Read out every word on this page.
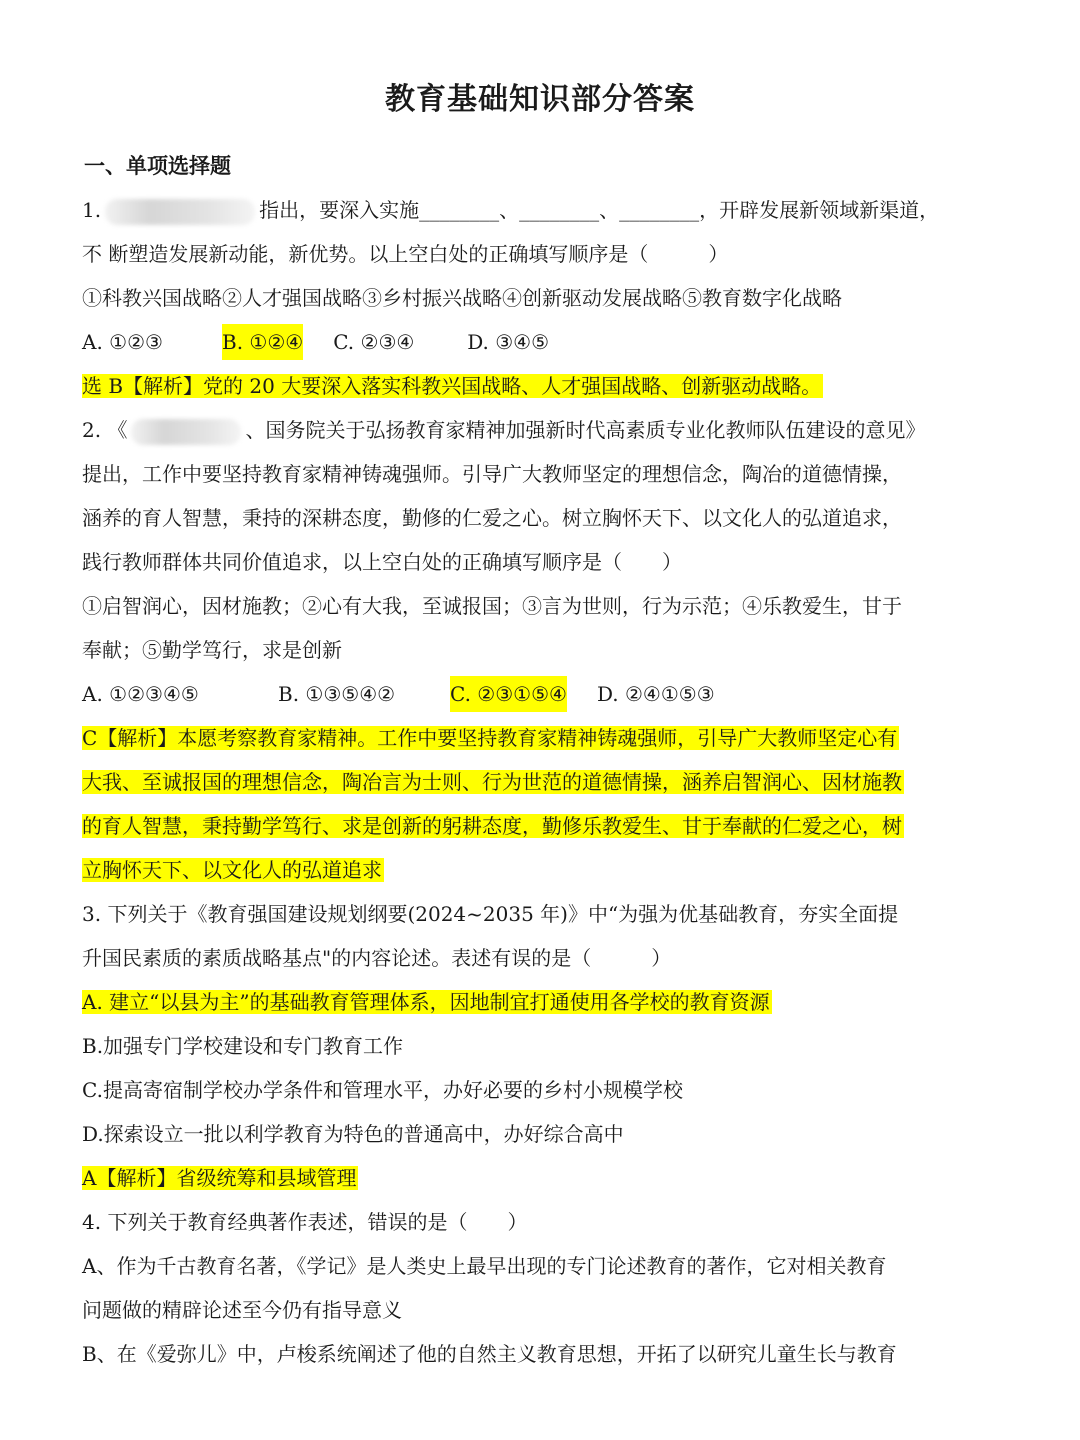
教育基础知识部分答案
一、单项选择题
1.	指出，要深入实施________、________、________，开辟发展新领域新渠道，
不 断塑造发展新动能，新优势。以上空白处的正确填写顺序是（　　　）
①科教兴国战略②人才强国战略③乡村振兴战略④创新驱动发展战略⑤教育数字化战略
A. ①②③	B. ①②④ C. ②③④	D. ③④⑤
选 B【解析】党的 20 大要深入落实科教兴国战略、人才强国战略、创新驱动战略。
2. 《	、国务院关于弘扬教育家精神加强新时代高素质专业化教师队伍建设的意见》
提出，工作中要坚持教育家精神铸魂强师。引导广大教师坚定的理想信念，陶冶的道德情操，
涵养的育人智慧，秉持的深耕态度，勤修的仁爱之心。树立胸怀天下、以文化人的弘道追求，
践行教师群体共同价值追求，以上空白处的正确填写顺序是（　　）
①启智润心，因材施教；②心有大我，至诚报国；③言为世则，行为示范；④乐教爱生，甘于
奉献；⑤勤学笃行，求是创新
A. ①②③④⑤	B. ①③⑤④②	C. ②③①⑤④ D. ②④①⑤③
C【解析】本愿考察教育家精神。工作中要坚持教育家精神铸魂强师，引导广大教师坚定心有
大我、至诚报国的理想信念，陶冶言为士则、行为世范的道德情操，涵养启智润心、因材施教
的育人智慧，秉持勤学笃行、求是创新的躬耕态度，勤修乐教爱生、甘于奉献的仁爱之心，树
立胸怀天下、以文化人的弘道追求
3. 下列关于《教育强国建设规划纲要(2024~2035 年)》中“为强为优基础教育，夯实全面提
升国民素质的素质战略基点"的内容论述。表述有误的是（　　　）
A. 建立“以县为主”的基础教育管理体系，因地制宜打通使用各学校的教育资源
B.加强专门学校建设和专门教育工作
C.提高寄宿制学校办学条件和管理水平，办好必要的乡村小规模学校
D.探索设立一批以利学教育为特色的普通高中，办好综合高中
A【解析】省级统筹和县域管理
4. 下列关于教育经典著作表述，错误的是（　　）
A、作为千古教育名著，《学记》是人类史上最早出现的专门论述教育的著作，它对相关教育
问题做的精辟论述至今仍有指导意义
B、在《爱弥儿》中，卢梭系统阐述了他的自然主义教育思想，开拓了以研究儿童生长与教育
